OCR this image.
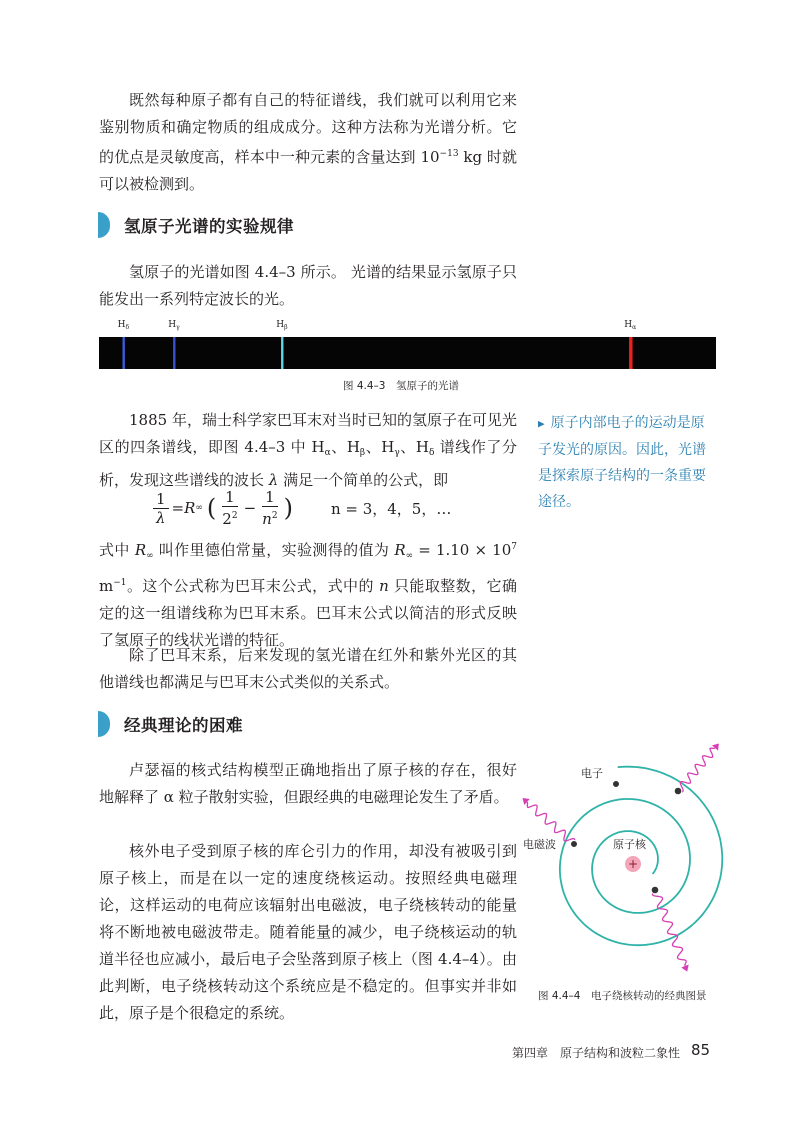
既然每种原子都有自己的特征谱线，我们就可以利用它来鉴别物质和确定物质的组成成分。这种方法称为光谱分析。它的优点是灵敏度高，样本中一种元素的含量达到 $10^{-13}$ kg 时就可以被检测到。

氢原子光谱的实验规律

氢原子的光谱如图 4.4–3 所示。 光谱的结果显示氢原子只能发出一系列特定波长的光。

$H_\delta$	$H_\gamma$	$H_\beta$	$H_\alpha$
图 4.4–3　氢原子的光谱

1885 年，瑞士科学家巴耳末对当时已知的氢原子在可见光区的四条谱线，即图 4.4–3 中 $H_\alpha$、$H_\beta$、$H_\gamma$、$H_\delta$ 谱线作了分析，发现这些谱线的波长 λ 满足一个简单的公式，即

$\frac{1}{\lambda} = R$ ∞ ( $\frac{1}{2^2} - \frac{1}{n^2}$ )	n = 3，4，5，…

式中 $R_\infty$ 叫作里德伯常量，实验测得的值为 $R_\infty = 1.10 \times 10^7$ $m^{-1}$。这个公式称为巴耳末公式，式中的 n 只能取整数，它确定的这一组谱线称为巴耳末系。巴耳末公式以简洁的形式反映了氢原子的线状光谱的特征。

除了巴耳末系，后来发现的氢光谱在红外和紫外光区的其他谱线也都满足与巴耳末公式类似的关系式。

▶ 原子内部电子的运动是原子发光的原因。因此，光谱是探索原子结构的一条重要途径。
经典理论的困难

卢瑟福的核式结构模型正确地指出了原子核的存在，很好地解释了 α 粒子散射实验，但跟经典的电磁理论发生了矛盾。

核外电子受到原子核的库仑引力的作用，却没有被吸引到原子核上，而是在以一定的速度绕核运动。按照经典电磁理论，这样运动的电荷应该辐射出电磁波，电子绕核转动的能量将不断地被电磁波带走。随着能量的减少，电子绕核运动的轨道半径也应减小，最后电子会坠落到原子核上（图 4.4–4）。由此判断，电子绕核转动这个系统应是不稳定的。但事实并非如此，原子是个很稳定的系统。

+
电子
电磁波	原子核
图 4.4–4　电子绕核转动的经典图景
第四章　原子结构和波粒二象性 85
